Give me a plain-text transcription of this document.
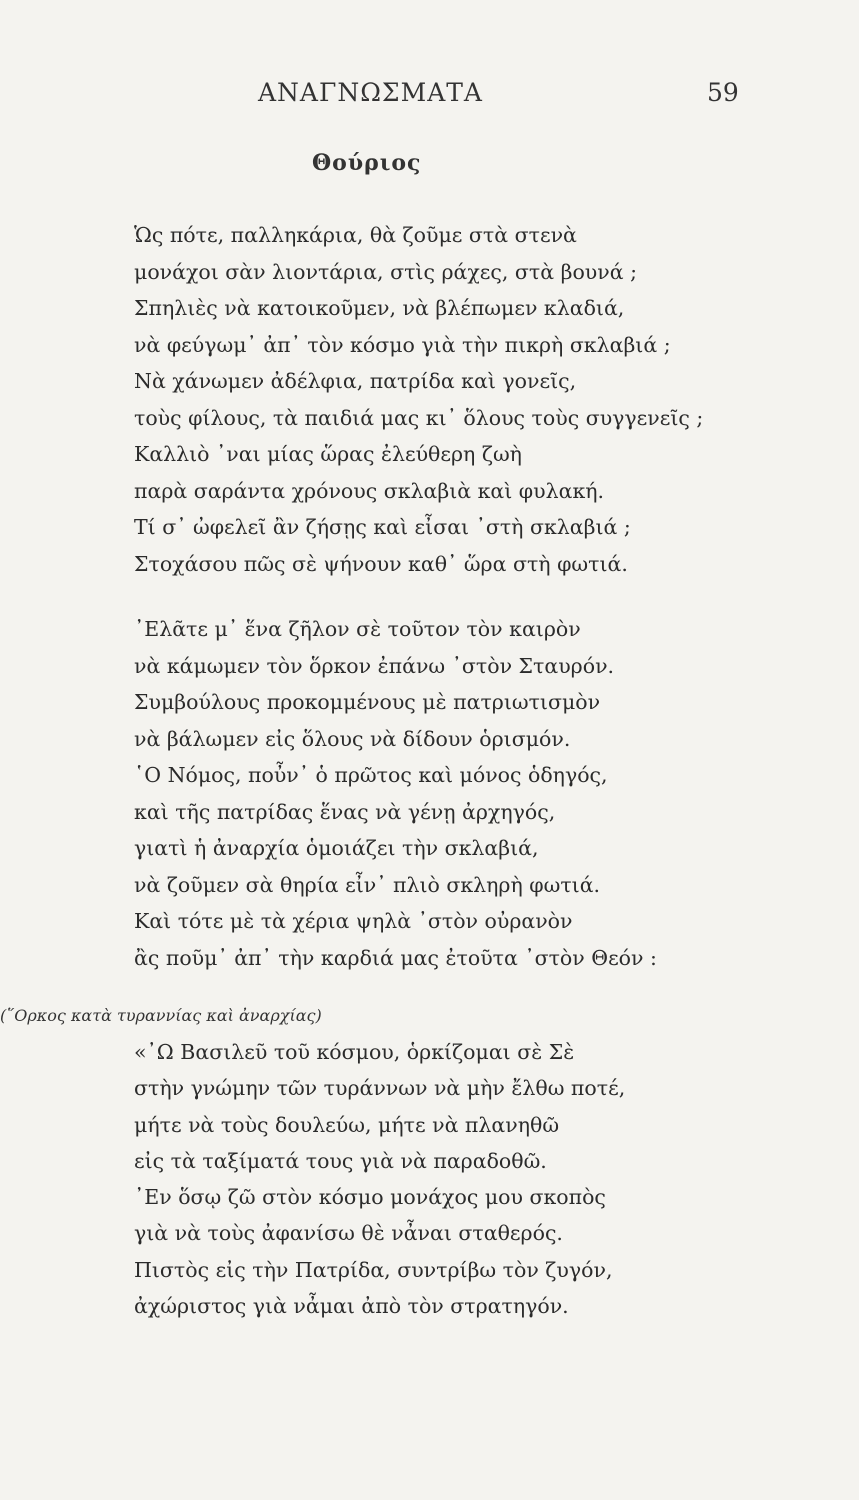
ΑΝΑΓΝΩΣΜΑΤΑ	59
Θούριος
Ὡς πότε, παλληκάρια, θὰ ζοῦμε στὰ στενὰ
μονάχοι σὰν λιοντάρια, στὶς ράχες, στὰ βουνά ;
Σπηλιὲς νὰ κατοικοῦμεν, νὰ βλέπωμεν κλαδιά,
νὰ φεύγωμ᾿ ἀπ᾿ τὸν κόσμο γιὰ τὴν πικρὴ σκλαβιά ;
Νὰ χάνωμεν ἀδέλφια, πατρίδα καὶ γονεῖς,
τοὺς φίλους, τὰ παιδιά μας κι᾿ ὅλους τοὺς συγγενεῖς ;
Καλλιὸ ᾿ναι μίας ὥρας ἐλεύθερη ζωὴ
παρὰ σαράντα χρόνους σκλαβιὰ καὶ φυλακή.
Τί σ᾿ ὠφελεῖ ἂν ζήσῃς καὶ εἶσαι ᾿στὴ σκλαβιά ;
Στοχάσου πῶς σὲ ψήνουν καθ᾿ ὥρα στὴ φωτιά.
᾿Ελᾶτε μ᾿ ἕνα ζῆλον σὲ τοῦτον τὸν καιρὸν
νὰ κάμωμεν τὸν ὅρκον ἐπάνω ᾿στὸν Σταυρόν.
Συμβούλους προκομμένους μὲ πατριωτισμὸν
νὰ βάλωμεν εἰς ὅλους νὰ δίδουν ὁρισμόν.
῾Ο Νόμος, ποὖν᾿ ὁ πρῶτος καὶ μόνος ὁδηγός,
καὶ τῆς πατρίδας ἕνας νὰ γένῃ ἀρχηγός,
γιατὶ ἡ ἀναρχία ὁμοιάζει τὴν σκλαβιά,
νὰ ζοῦμεν σὰ θηρία εἶν᾿ πλιὸ σκληρὴ φωτιά.
Καὶ τότε μὲ τὰ χέρια ψηλὰ ᾿στὸν οὐρανὸν
ἂς ποῦμ᾿ ἀπ᾿ τὴν καρδιά μας ἐτοῦτα ᾿στὸν Θεόν :
(῞Ορκος κατὰ τυραννίας καὶ ἀναρχίας)
«᾿Ω Βασιλεῦ τοῦ κόσμου, ὁρκίζομαι σὲ Σὲ
στὴν γνώμην τῶν τυράννων νὰ μὴν ἔλθω ποτέ,
μήτε νὰ τοὺς δουλεύω, μήτε νὰ πλανηθῶ
εἰς τὰ ταξίματά τους γιὰ νὰ παραδοθῶ.
᾿Εν ὅσῳ ζῶ στὸν κόσμο μονάχος μου σκοπὸς
γιὰ νὰ τοὺς ἀφανίσω θὲ νἆναι σταθερός.
Πιστὸς εἰς τὴν Πατρίδα, συντρίβω τὸν ζυγόν,
ἀχώριστος γιὰ νἆμαι ἀπὸ τὸν στρατηγόν.
